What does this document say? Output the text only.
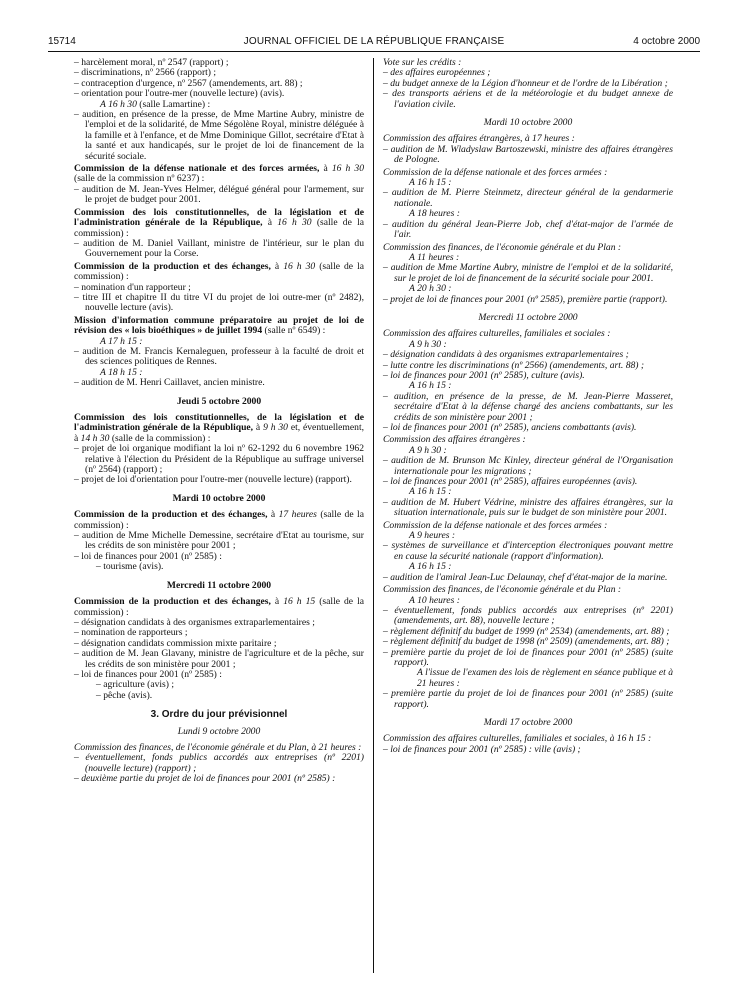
15714	JOURNAL OFFICIEL DE LA RÉPUBLIQUE FRANÇAISE	4 octobre 2000

– harcèlement moral, nº 2547 (rapport) ;

– discriminations, nº 2566 (rapport) ;

– contraception d'urgence, nº 2567 (amendements, art. 88) ;

– orientation pour l'outre-mer (nouvelle lecture) (avis).

A 16 h 30 (salle Lamartine) :

– audition, en présence de la presse, de Mme Martine Aubry, ministre de l'emploi et de la solidarité, de Mme Ségolène Royal, ministre déléguée à la famille et à l'enfance, et de Mme Dominique Gillot, secrétaire d'Etat à la santé et aux handicapés, sur le projet de loi de financement de la sécurité sociale.

Commission de la défense nationale et des forces armées, à 16 h 30 (salle de la commission nº 6237) :

– audition de M. Jean-Yves Helmer, délégué général pour l'armement, sur le projet de budget pour 2001.

Commission des lois constitutionnelles, de la législation et de l'administration générale de la République, à 16 h 30 (salle de la commission) :

– audition de M. Daniel Vaillant, ministre de l'intérieur, sur le plan du Gouvernement pour la Corse.

Commission de la production et des échanges, à 16 h 30 (salle de la commission) :

– nomination d'un rapporteur ;

– titre III et chapitre II du titre VI du projet de loi outre-mer (nº 2482), nouvelle lecture (avis).

Mission d'information commune préparatoire au projet de loi de révision des « lois bioéthiques » de juillet 1994 (salle nº 6549) :

A 17 h 15 :

– audition de M. Francis Kernaleguen, professeur à la faculté de droit et des sciences politiques de Rennes.

A 18 h 15 :

– audition de M. Henri Caillavet, ancien ministre.

Jeudi 5 octobre 2000

Commission des lois constitutionnelles, de la législation et de l'administration générale de la République, à 9 h 30 et, éventuellement, à 14 h 30 (salle de la commission) :

– projet de loi organique modifiant la loi nº 62-1292 du 6 novembre 1962 relative à l'élection du Président de la République au suffrage universel (nº 2564) (rapport) ;

– projet de loi d'orientation pour l'outre-mer (nouvelle lecture) (rapport).

Mardi 10 octobre 2000

Commission de la production et des échanges, à 17 heures (salle de la commission) :

– audition de Mme Michelle Demessine, secrétaire d'Etat au tourisme, sur les crédits de son ministère pour 2001 ;

– loi de finances pour 2001 (nº 2585) :

– tourisme (avis).

Mercredi 11 octobre 2000

Commission de la production et des échanges, à 16 h 15 (salle de la commission) :

– désignation candidats à des organismes extraparlementaires ;

– nomination de rapporteurs ;

– désignation candidats commission mixte paritaire ;

– audition de M. Jean Glavany, ministre de l'agriculture et de la pêche, sur les crédits de son ministère pour 2001 ;

– loi de finances pour 2001 (nº 2585) :

– agriculture (avis) ;

– pêche (avis).

3. Ordre du jour prévisionnel

Lundi 9 octobre 2000

Commission des finances, de l'économie générale et du Plan, à 21 heures :

– éventuellement, fonds publics accordés aux entreprises (nº 2201) (nouvelle lecture) (rapport) ;

– deuxième partie du projet de loi de finances pour 2001 (nº 2585) :

Vote sur les crédits :

– des affaires européennes ;

– du budget annexe de la Légion d'honneur et de l'ordre de la Libération ;

– des transports aériens et de la météorologie et du budget annexe de l'aviation civile.

Mardi 10 octobre 2000

Commission des affaires étrangères, à 17 heures :

– audition de M. Wladyslaw Bartoszewski, ministre des affaires étrangères de Pologne.

Commission de la défense nationale et des forces armées :

A 16 h 15 :

– audition de M. Pierre Steinmetz, directeur général de la gendarmerie nationale.

A 18 heures :

– audition du général Jean-Pierre Job, chef d'état-major de l'armée de l'air.

Commission des finances, de l'économie générale et du Plan :

A 11 heures :

– audition de Mme Martine Aubry, ministre de l'emploi et de la solidarité, sur le projet de loi de financement de la sécurité sociale pour 2001.

A 20 h 30 :

– projet de loi de finances pour 2001 (nº 2585), première partie (rapport).

Mercredi 11 octobre 2000

Commission des affaires culturelles, familiales et sociales :

A 9 h 30 :

– désignation candidats à des organismes extraparlementaires ;

– lutte contre les discriminations (nº 2566) (amendements, art. 88) ;

– loi de finances pour 2001 (nº 2585), culture (avis).

A 16 h 15 :

– audition, en présence de la presse, de M. Jean-Pierre Masseret, secrétaire d'Etat à la défense chargé des anciens combattants, sur les crédits de son ministère pour 2001 ;

– loi de finances pour 2001 (nº 2585), anciens combattants (avis).

Commission des affaires étrangères :

A 9 h 30 :

– audition de M. Brunson Mc Kinley, directeur général de l'Organisation internationale pour les migrations ;

– loi de finances pour 2001 (nº 2585), affaires européennes (avis).

A 16 h 15 :

– audition de M. Hubert Védrine, ministre des affaires étrangères, sur la situation internationale, puis sur le budget de son ministère pour 2001.

Commission de la défense nationale et des forces armées :

A 9 heures :

– systèmes de surveillance et d'interception électroniques pouvant mettre en cause la sécurité nationale (rapport d'information).

A 16 h 15 :

– audition de l'amiral Jean-Luc Delaunay, chef d'état-major de la marine.

Commission des finances, de l'économie générale et du Plan :

A 10 heures :

– éventuellement, fonds publics accordés aux entreprises (nº 2201) (amendements, art. 88), nouvelle lecture ;

– règlement définitif du budget de 1999 (nº 2534) (amendements, art. 88) ;

– règlement définitif du budget de 1998 (nº 2509) (amendements, art. 88) ;

– première partie du projet de loi de finances pour 2001 (nº 2585) (suite rapport).

A l'issue de l'examen des lois de règlement en séance publique et à 21 heures :

– première partie du projet de loi de finances pour 2001 (nº 2585) (suite rapport).

Mardi 17 octobre 2000

Commission des affaires culturelles, familiales et sociales, à 16 h 15 :

– loi de finances pour 2001 (nº 2585) : ville (avis) ;
